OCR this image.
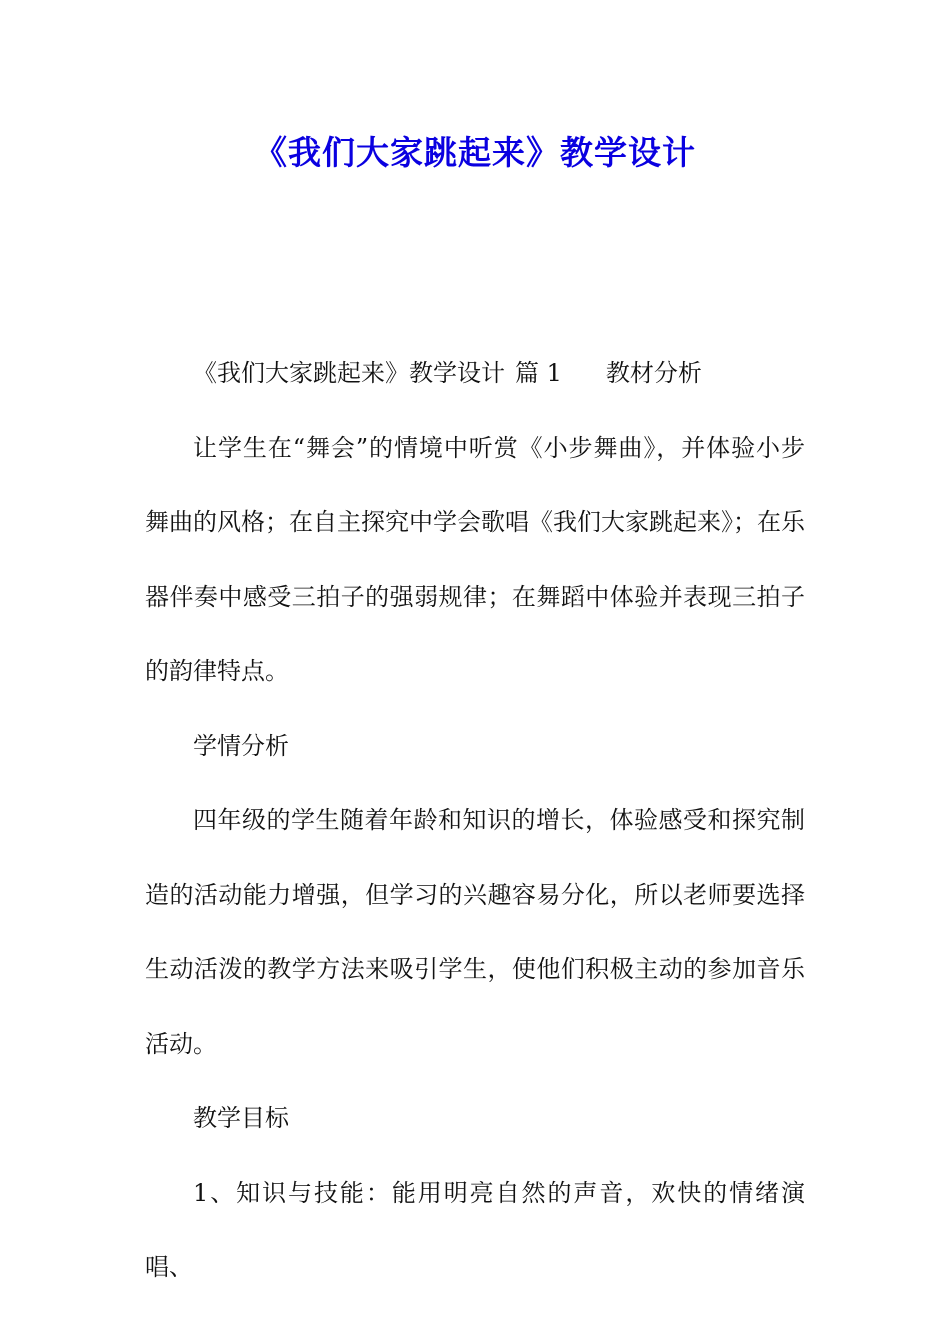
《我们大家跳起来》教学设计

《我们大家跳起来》教学设计 篇 1 教材分析

让学生在“舞会”的情境中听赏《小步舞曲》，并体验小步舞曲的风格；在自主探究中学会歌唱《我们大家跳起来》；在乐器伴奏中感受三拍子的强弱规律；在舞蹈中体验并表现三拍子的韵律特点。

学情分析

四年级的学生随着年龄和知识的增长，体验感受和探究制造的活动能力增强，但学习的兴趣容易分化，所以老师要选择生动活泼的教学方法来吸引学生，使他们积极主动的参加音乐活动。

教学目标

1、知识与技能：能用明亮自然的声音，欢快的情绪演唱、
